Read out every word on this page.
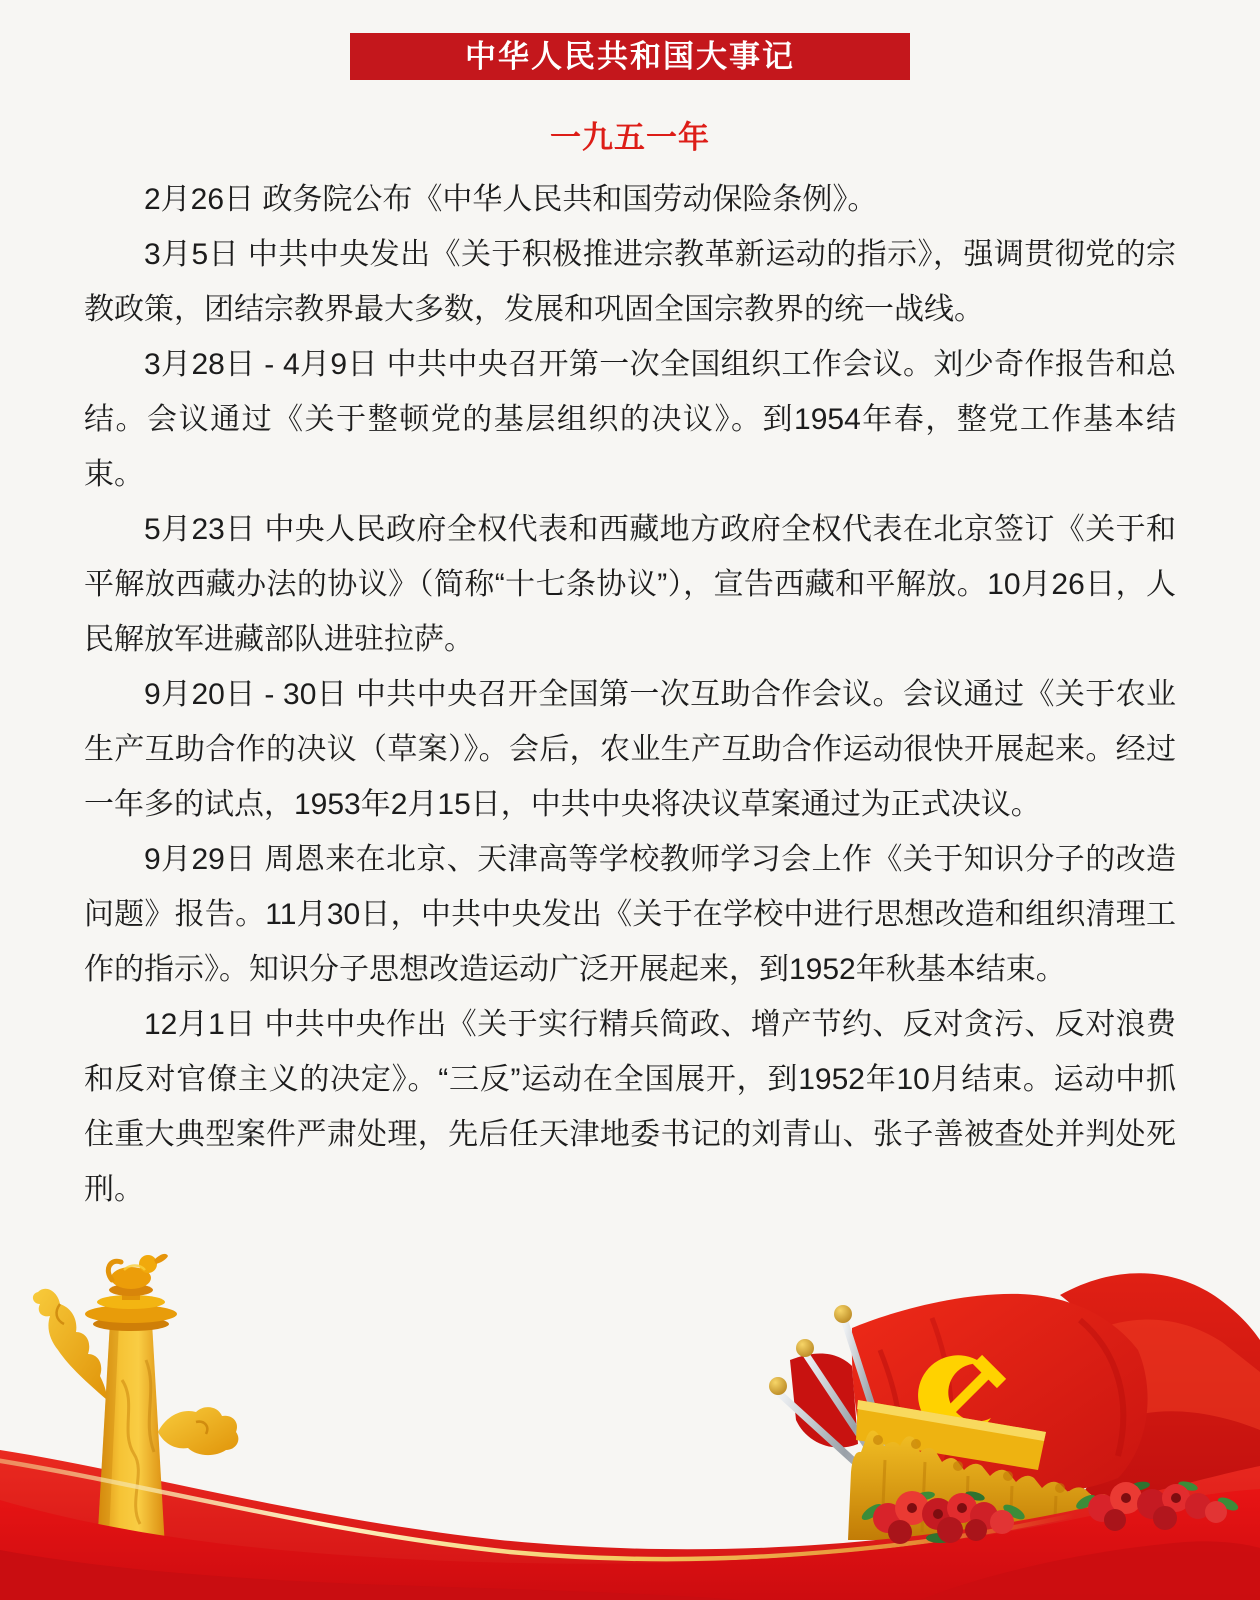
中华人民共和国大事记
一九五一年

2月26日 政务院公布《中华人民共和国劳动保险条例》。

3月5日 中共中央发出《关于积极推进宗教革新运动的指示》，强调贯彻党的宗教政策，团结宗教界最大多数，发展和巩固全国宗教界的统一战线。

3月28日 - 4月9日 中共中央召开第一次全国组织工作会议。刘少奇作报告和总结。会议通过《关于整顿党的基层组织的决议》。到1954年春，整党工作基本结束。

5月23日 中央人民政府全权代表和西藏地方政府全权代表在北京签订《关于和平解放西藏办法的协议》（简称“十七条协议”），宣告西藏和平解放。10月26日，人民解放军进藏部队进驻拉萨。

9月20日 - 30日 中共中央召开全国第一次互助合作会议。会议通过《关于农业生产互助合作的决议（草案）》。会后，农业生产互助合作运动很快开展起来。经过一年多的试点，1953年2月15日，中共中央将决议草案通过为正式决议。

9月29日 周恩来在北京、天津高等学校教师学习会上作《关于知识分子的改造问题》报告。11月30日，中共中央发出《关于在学校中进行思想改造和组织清理工作的指示》。知识分子思想改造运动广泛开展起来，到1952年秋基本结束。

12月1日 中共中央作出《关于实行精兵简政、增产节约、反对贪污、反对浪费和反对官僚主义的决定》。“三反”运动在全国展开，到1952年10月结束。运动中抓住重大典型案件严肃处理，先后任天津地委书记的刘青山、张子善被查处并判处死刑。
